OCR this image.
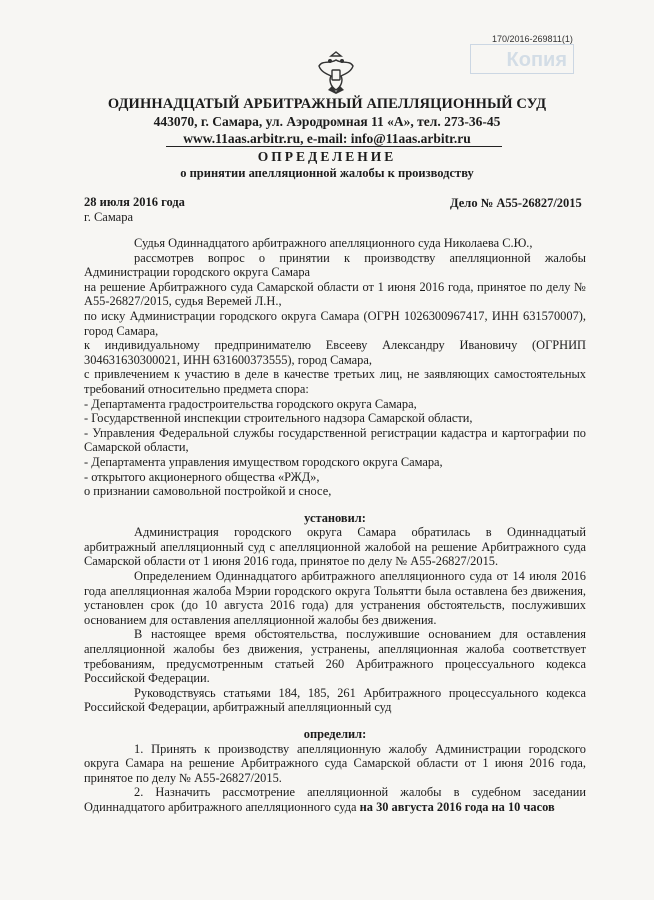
170/2016-269811(1)
Копия
ОДИННАДЦАТЫЙ АРБИТРАЖНЫЙ АПЕЛЛЯЦИОННЫЙ СУД
443070, г. Самара, ул. Аэродромная 11 «А», тел. 273-36-45
www.11aas.arbitr.ru, e-mail: info@11aas.arbitr.ru
ОПРЕДЕЛЕНИЕ
о принятии апелляционной жалобы к производству
28 июля 2016 года
г. Самара
Дело № А55-26827/2015

Судья Одиннадцатого арбитражного апелляционного суда Николаева С.Ю.,

рассмотрев вопрос о принятии к производству апелляционной жалобы Администрации городского округа Самара

на решение Арбитражного суда Самарской области от 1 июня 2016 года, принятое по делу № А55-26827/2015, судья Веремей Л.Н.,

по иску Администрации городского округа Самара (ОГРН 1026300967417, ИНН 631570007), город Самара,

к индивидуальному предпринимателю Евсееву Александру Ивановичу (ОГРНИП 304631630300021, ИНН 631600373555), город Самара,

с привлечением к участию в деле в качестве третьих лиц, не заявляющих самостоятельных требований относительно предмета спора:

- Департамента градостроительства городского округа Самара,

- Государственной инспекции строительного надзора Самарской области,

- Управления Федеральной службы государственной регистрации кадастра и картографии по Самарской области,

- Департамента управления имуществом городского округа Самара,

- открытого акционерного общества «РЖД»,

о признании самовольной постройкой и сносе,

установил:

Администрация городского округа Самара обратилась в Одиннадцатый арбитражный апелляционный суд с апелляционной жалобой на решение Арбитражного суда Самарской области от 1 июня 2016 года, принятое по делу № А55-26827/2015.

Определением Одиннадцатого арбитражного апелляционного суда от 14 июля 2016 года апелляционная жалоба Мэрии городского округа Тольятти была оставлена без движения, установлен срок (до 10 августа 2016 года) для устранения обстоятельств, послуживших основанием для оставления апелляционной жалобы без движения.

В настоящее время обстоятельства, послужившие основанием для оставления апелляционной жалобы без движения, устранены, апелляционная жалоба соответствует требованиям, предусмотренным статьей 260 Арбитражного процессуального кодекса Российской Федерации.

Руководствуясь статьями 184, 185, 261 Арбитражного процессуального кодекса Российской Федерации, арбитражный апелляционный суд

определил:

1. Принять к производству апелляционную жалобу Администрации городского округа Самара на решение Арбитражного суда Самарской области от 1 июня 2016 года, принятое по делу № А55-26827/2015.

2. Назначить рассмотрение апелляционной жалобы в судебном заседании Одиннадцатого арбитражного апелляционного суда на 30 августа 2016 года на 10 часов
